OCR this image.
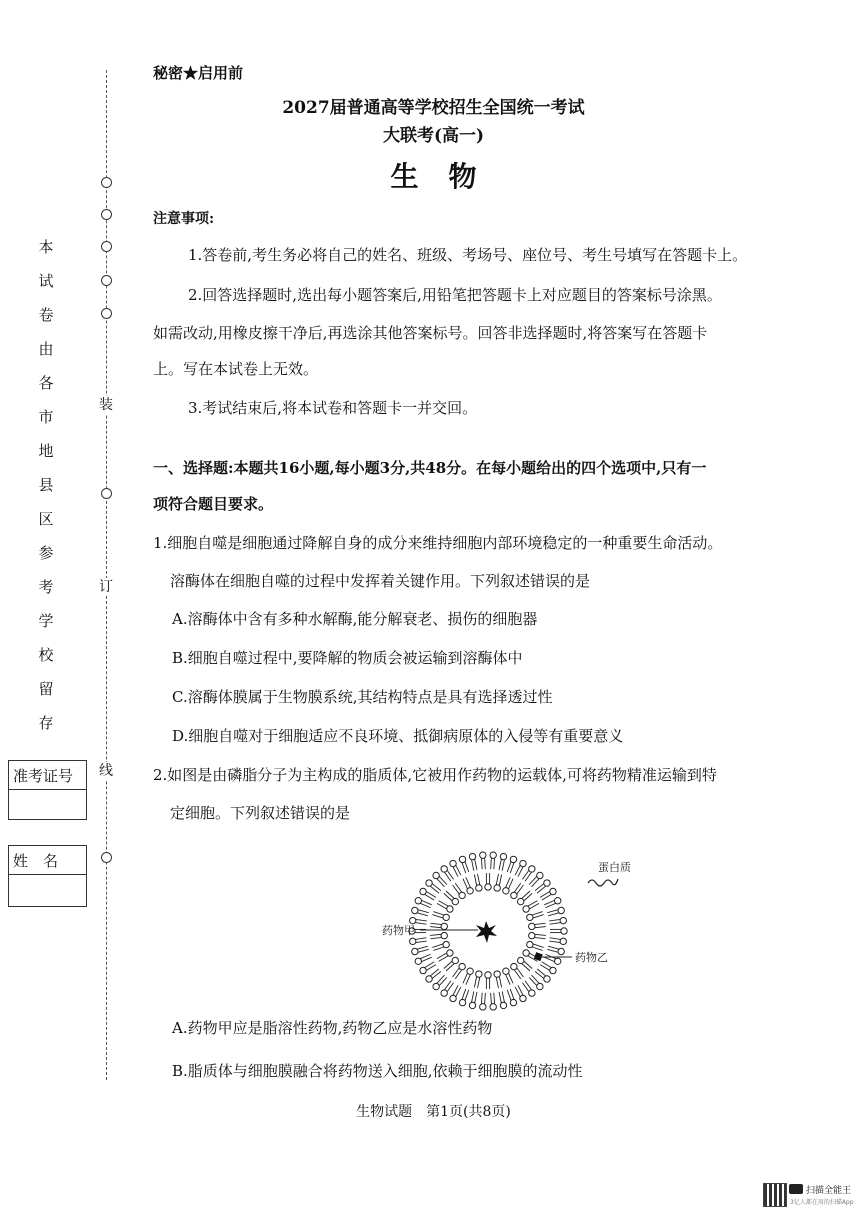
装
订
线
本
试
卷
由
各
市
地
县
区
参
考
学
校
留
存
准考证号
姓　名
秘密★启用前
2027届普通高等学校招生全国统一考试
大联考(高一)
生物
注意事项:
1.答卷前,考生务必将自己的姓名、班级、考场号、座位号、考生号填写在答题卡上。
2.回答选择题时,选出每小题答案后,用铅笔把答题卡上对应题目的答案标号涂黑。
如需改动,用橡皮擦干净后,再选涂其他答案标号。回答非选择题时,将答案写在答题卡
上。写在本试卷上无效。
3.考试结束后,将本试卷和答题卡一并交回。
一、选择题:本题共16小题,每小题3分,共48分。在每小题给出的四个选项中,只有一
项符合题目要求。
1.细胞自噬是细胞通过降解自身的成分来维持细胞内部环境稳定的一种重要生命活动。
溶酶体在细胞自噬的过程中发挥着关键作用。下列叙述错误的是
A.溶酶体中含有多种水解酶,能分解衰老、损伤的细胞器
B.细胞自噬过程中,要降解的物质会被运输到溶酶体中
C.溶酶体膜属于生物膜系统,其结构特点是具有选择透过性
D.细胞自噬对于细胞适应不良环境、抵御病原体的入侵等有重要意义
2.如图是由磷脂分子为主构成的脂质体,它被用作药物的运载体,可将药物精准运输到特
定细胞。下列叙述错误的是
蛋白质
药物甲
药物乙
A.药物甲应是脂溶性药物,药物乙应是水溶性药物
B.脂质体与细胞膜融合将药物送入细胞,依赖于细胞膜的流动性
生物试题　第1页(共8页)
扫描全能王
3亿人都在用的扫描App
